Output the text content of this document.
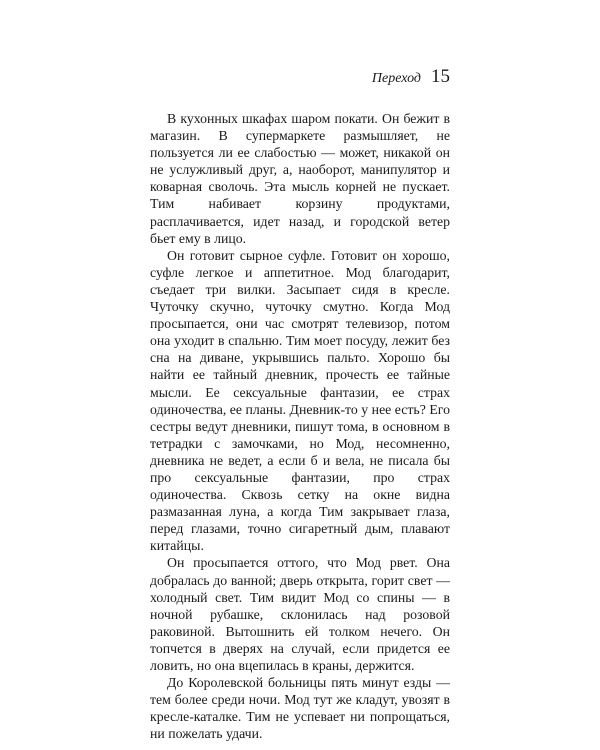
Переход 15

В кухонных шкафах шаром покати. Он бежит в магазин. В супермаркете размышляет, не пользуется ли ее слабостью — может, никакой он не услужливый друг, а, наоборот, манипулятор и коварная сволочь. Эта мысль корней не пускает. Тим набивает корзину продуктами, расплачивается, идет назад, и городской ветер бьет ему в лицо.

Он готовит сырное суфле. Готовит он хорошо, суфле легкое и аппетитное. Мод благодарит, съедает три вилки. Засыпает сидя в кресле. Чуточку скучно, чуточку смутно. Когда Мод просыпается, они час смотрят телевизор, потом она уходит в спальню. Тим моет посуду, лежит без сна на диване, укрывшись пальто. Хорошо бы найти ее тайный дневник, прочесть ее тайные мысли. Ее сексуальные фантазии, ее страх одиночества, ее планы. Дневник-то у нее есть? Его сестры ведут дневники, пишут тома, в основном в тетрадки с замочками, но Мод, несомненно, дневника не ведет, а если б и вела, не писала бы про сексуальные фантазии, про страх одиночества. Сквозь сетку на окне видна размазанная луна, а когда Тим закрывает глаза, перед глазами, точно сигаретный дым, плавают китайцы.

Он просыпается оттого, что Мод рвет. Она добралась до ванной; дверь открыта, горит свет — холодный свет. Тим видит Мод со спины — в ночной рубашке, склонилась над розовой раковиной. Вытошнить ей толком нечего. Он топчется в дверях на случай, если придется ее ловить, но она вцепилась в краны, держится.

До Королевской больницы пять минут езды — тем более среди ночи. Мод тут же кладут, увозят в кресле-каталке. Тим не успевает ни попрощаться, ни пожелать удачи.
